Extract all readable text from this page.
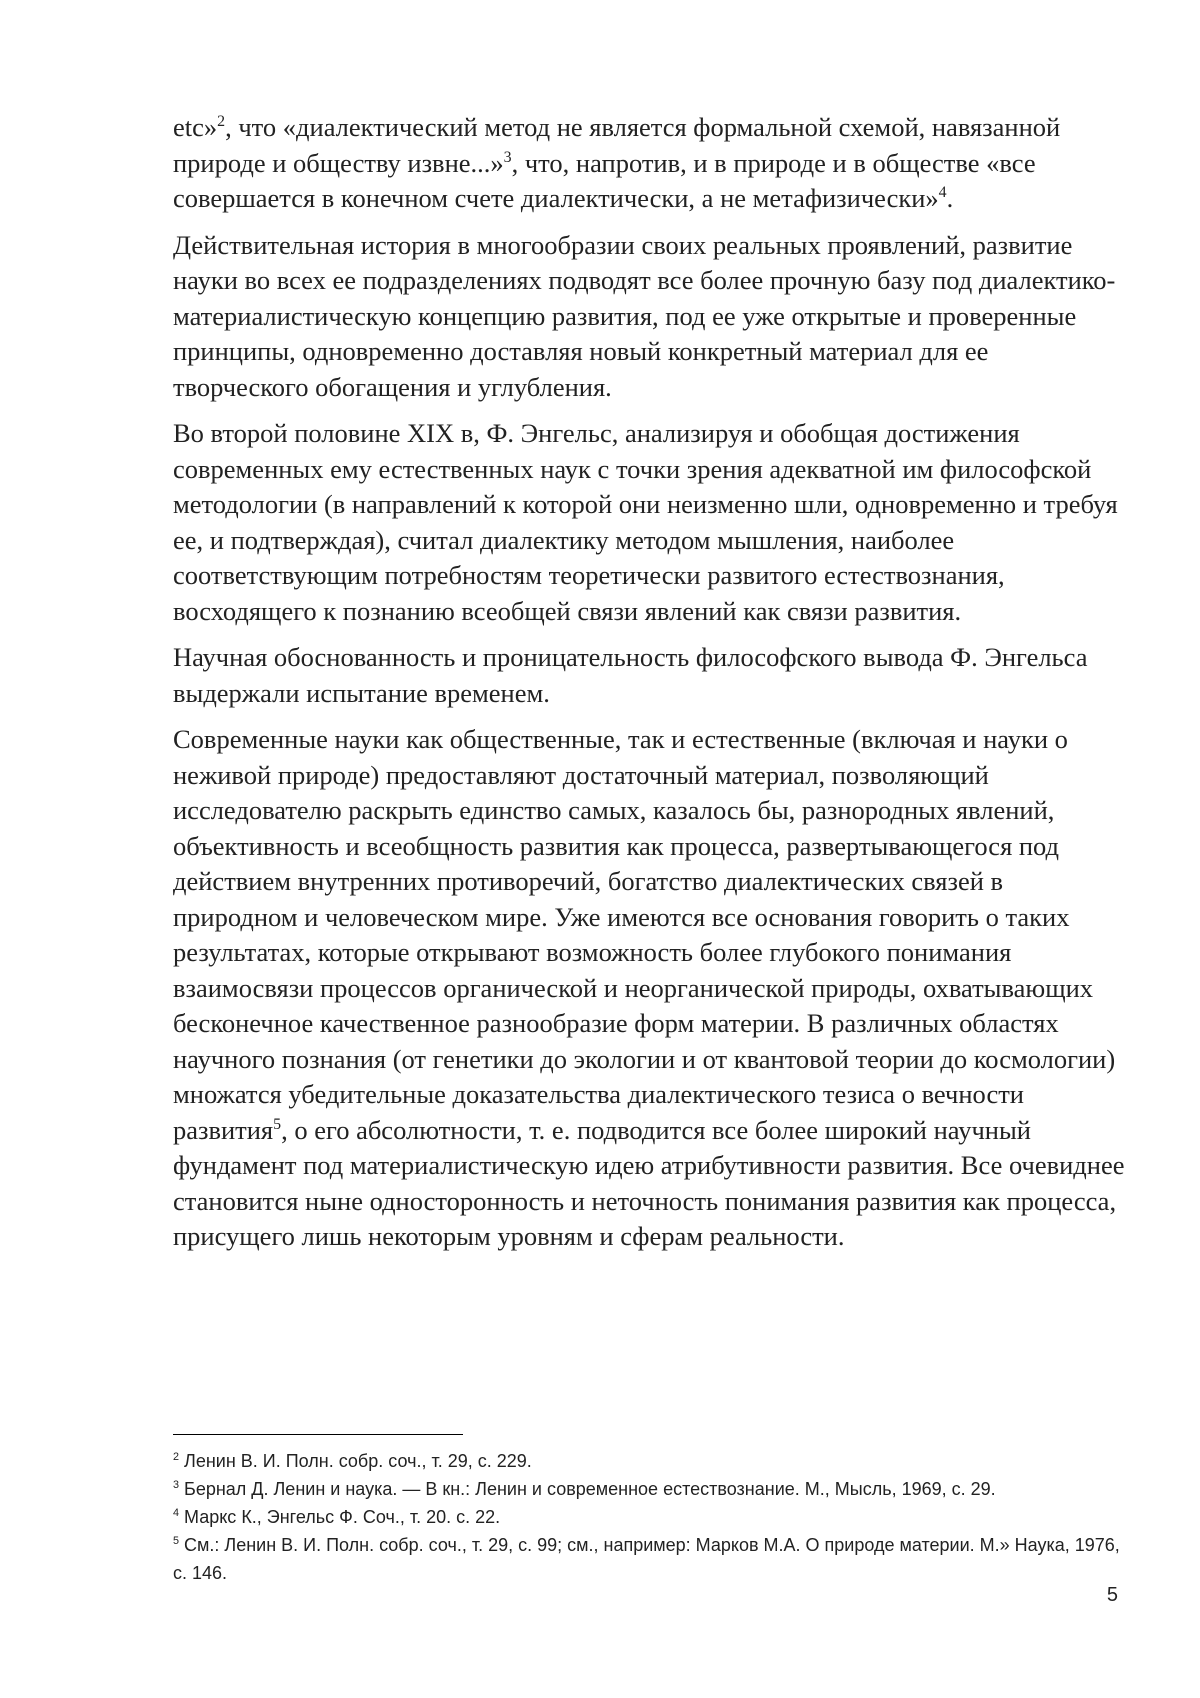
etc»$^2$, что «диалектический метод не является формальной схемой, навязанной природе и обществу извне...»$^3$, что, напротив, и в природе и в обществе «все совершается в конечном счете диалектически, а не метафизически»$^4$.

Действительная история в многообразии своих реальных проявлений, развитие науки во всех ее подразделениях подводят все более прочную базу под диалектико-материалистическую концепцию развития, под ее уже открытые и проверенные принципы, одновременно доставляя новый конкретный материал для ее творческого обогащения и углубления.

Во второй половине XIX в, Ф. Энгельс, анализируя и обобщая достижения современных ему естественных наук с точки зрения адекватной им философской методологии (в направлений к которой они неизменно шли, одновременно и требуя ее, и подтверждая), считал диалектику методом мышления, наиболее соответствующим потребностям теоретически развитого естествознания, восходящего к познанию всеобщей связи явлений как связи развития.

Научная обоснованность и проницательность философского вывода Ф. Энгельса выдержали испытание временем.

Современные науки как общественные, так и естественные (включая и науки о неживой природе) предоставляют достаточный материал, позволяющий исследователю раскрыть единство самых, казалось бы, разнородных явлений, объективность и всеобщность развития как процесса, развертывающегося под действием внутренних противоречий, богатство диалектических связей в природном и человеческом мире. Уже имеются все основания говорить о таких результатах, которые открывают возможность более глубокого понимания взаимосвязи процессов органической и неорганической природы, охватывающих бесконечное качественное разнообразие форм материи. В различных областях научного познания (от генетики до экологии и от квантовой теории до космологии) множатся убедительные доказательства диалектического тезиса о вечности развития$^5$, о его абсолютности, т. е. подводится все более широкий научный фундамент под материалистическую идею атрибутивности развития. Все очевиднее становится ныне односторонность и неточность понимания развития как процесса, присущего лишь некоторым уровням и сферам реальности.

$^2$ Ленин В. И. Полн. собр. соч., т. 29, с. 229.

$^3$ Бернал Д. Ленин и наука. — В кн.: Ленин и современное естествознание. М., Мысль, 1969, с. 29.

$^4$ Маркс К., Энгельс Ф. Соч., т. 20. с. 22.

$^5$ См.: Ленин В. И. Полн. собр. соч., т. 29, с. 99; см., например: Марков М.А. О природе материи. М.» Наука, 1976, с. 146.

5
